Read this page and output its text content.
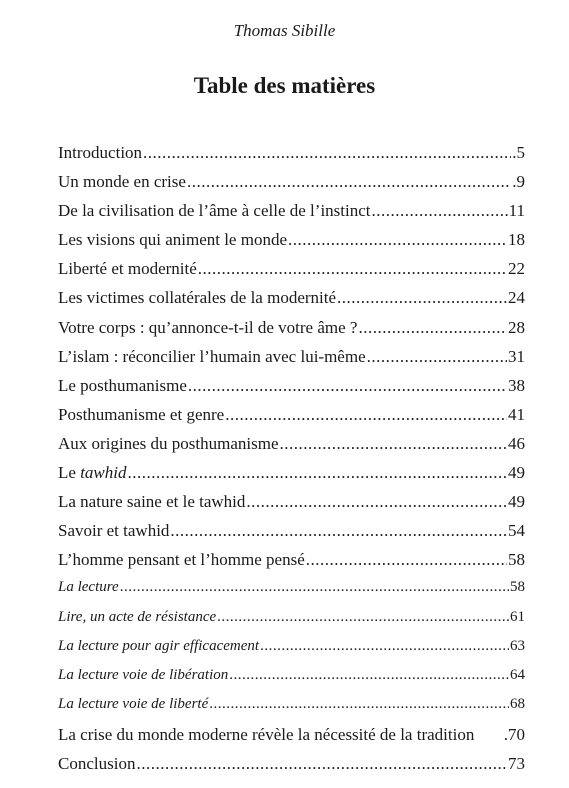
Thomas Sibille
Table des matières
Introduction .....	.5
Un monde en crise .....	.9
De la civilisation de l’âme à celle de l’instinct .....	11
Les visions qui animent le monde .....	18
Liberté et modernité .....	22
Les victimes collatérales de la modernité .....	24
Votre corps : qu’annonce-t-il de votre âme ? .....	28
L’islam : réconcilier l’humain avec lui-même .....	31
Le posthumanisme .....	38
Posthumanisme et genre .....	41
Aux origines du posthumanisme .....	46
Le tawhid .....	49
La nature saine et le tawhid .....	49
Savoir et tawhid .....	54
L’homme pensant et l’homme pensé .....	58
La lecture .....	58
Lire, un acte de résistance .....	61
La lecture pour agir efficacement .....	63
La lecture voie de libération .....	64
La lecture voie de liberté .....	68
La crise du monde moderne révèle la nécessité de la tradition .70
Conclusion .....	73
